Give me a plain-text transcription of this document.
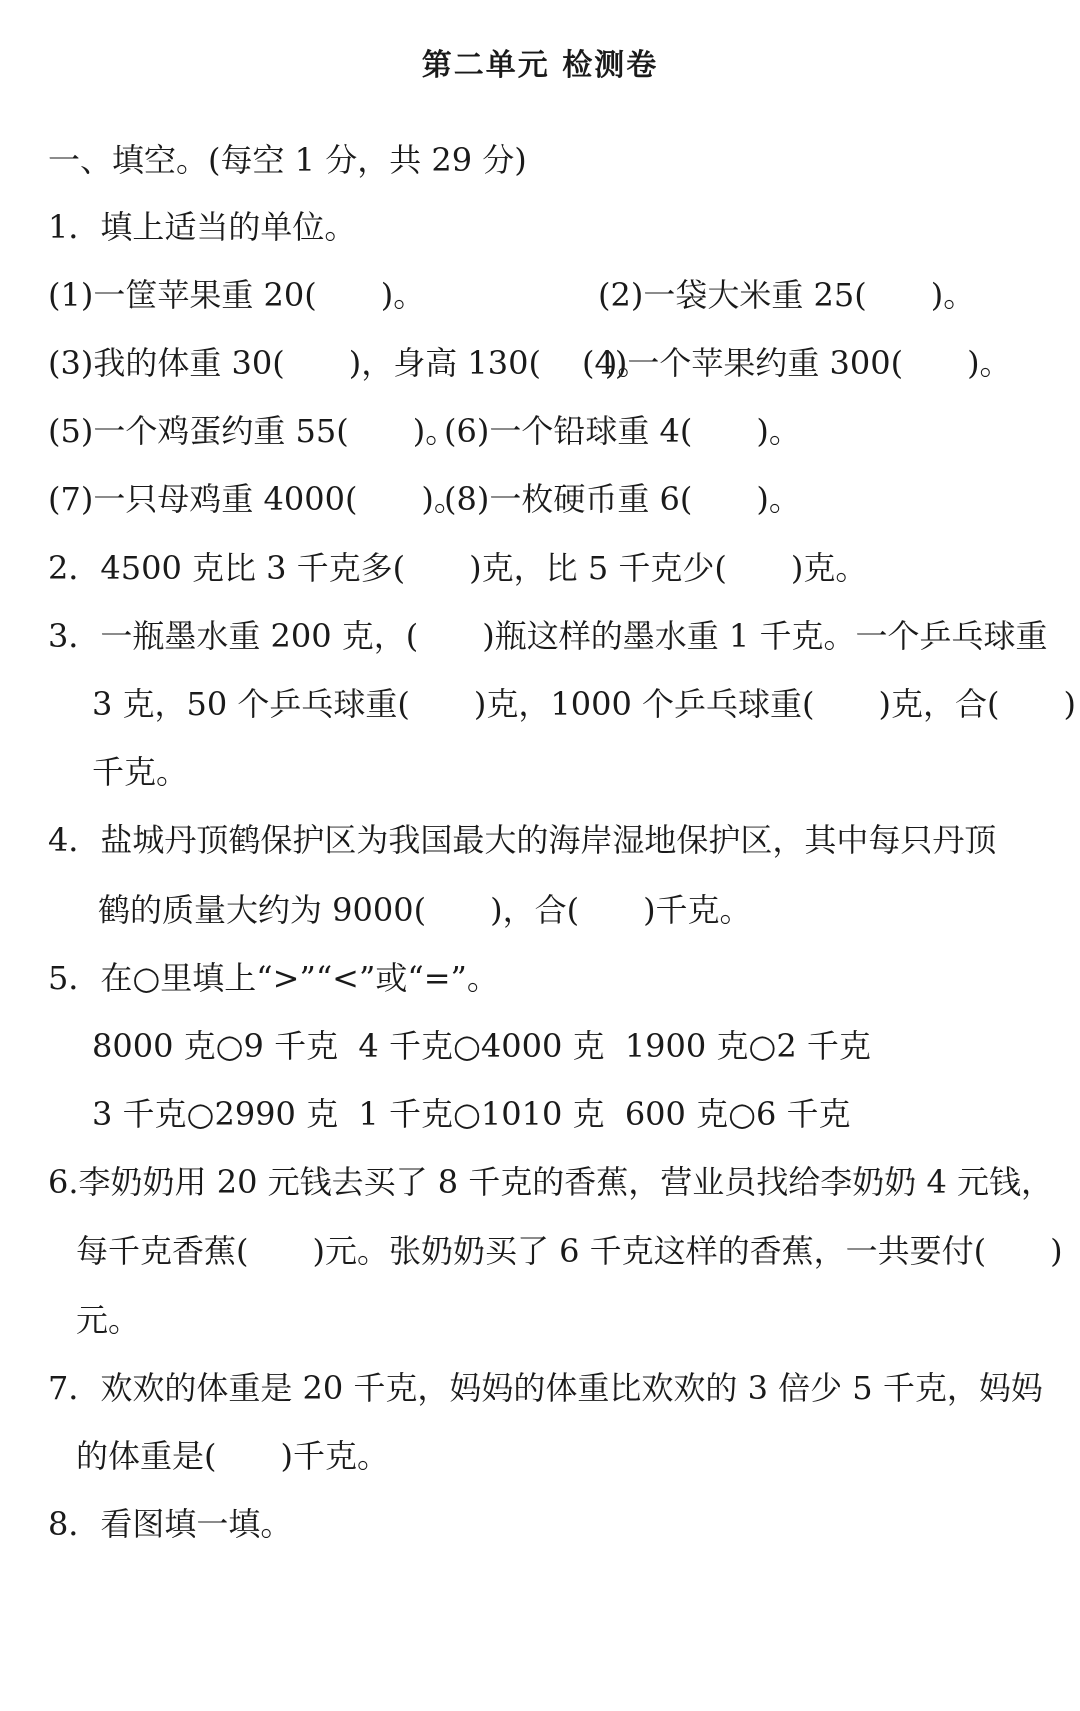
第二单元 检测卷
一、填空。(每空 1 分，共 29 分)
1．填上适当的单位。
(1)一筐苹果重 20(　　)。	(2)一袋大米重 25(　　)。
(3)我的体重 30(　　)，身高 130(　　)。
(4)一个苹果约重 300(　　)。
(5)一个鸡蛋约重 55(　　)。
(6)一个铅球重 4(　　)。
(7)一只母鸡重 4000(　　)。
(8)一枚硬币重 6(　　)。
2．4500 克比 3 千克多(　　)克，比 5 千克少(　　)克。
3．一瓶墨水重 200 克，(　　)瓶这样的墨水重 1 千克。一个乒乓球重
3 克，50 个乒乓球重(　　)克，1000 个乒乓球重(　　)克，合(　　)
千克。
4．盐城丹顶鹤保护区为我国最大的海岸湿地保护区，其中每只丹顶
鹤的质量大约为 9000(　　)，合(　　)千克。
5．在○里填上“>”“<”或“=”。
8000 克○9 千克  4 千克○4000 克  1900 克○2 千克
3 千克○2990 克  1 千克○1010 克  600 克○6 千克
6.李奶奶用 20 元钱去买了 8 千克的香蕉，营业员找给李奶奶 4 元钱，
每千克香蕉(　　)元。张奶奶买了 6 千克这样的香蕉，一共要付(　　)
元。
7．欢欢的体重是 20 千克，妈妈的体重比欢欢的 3 倍少 5 千克，妈妈
的体重是(　　)千克。
8．看图填一填。
